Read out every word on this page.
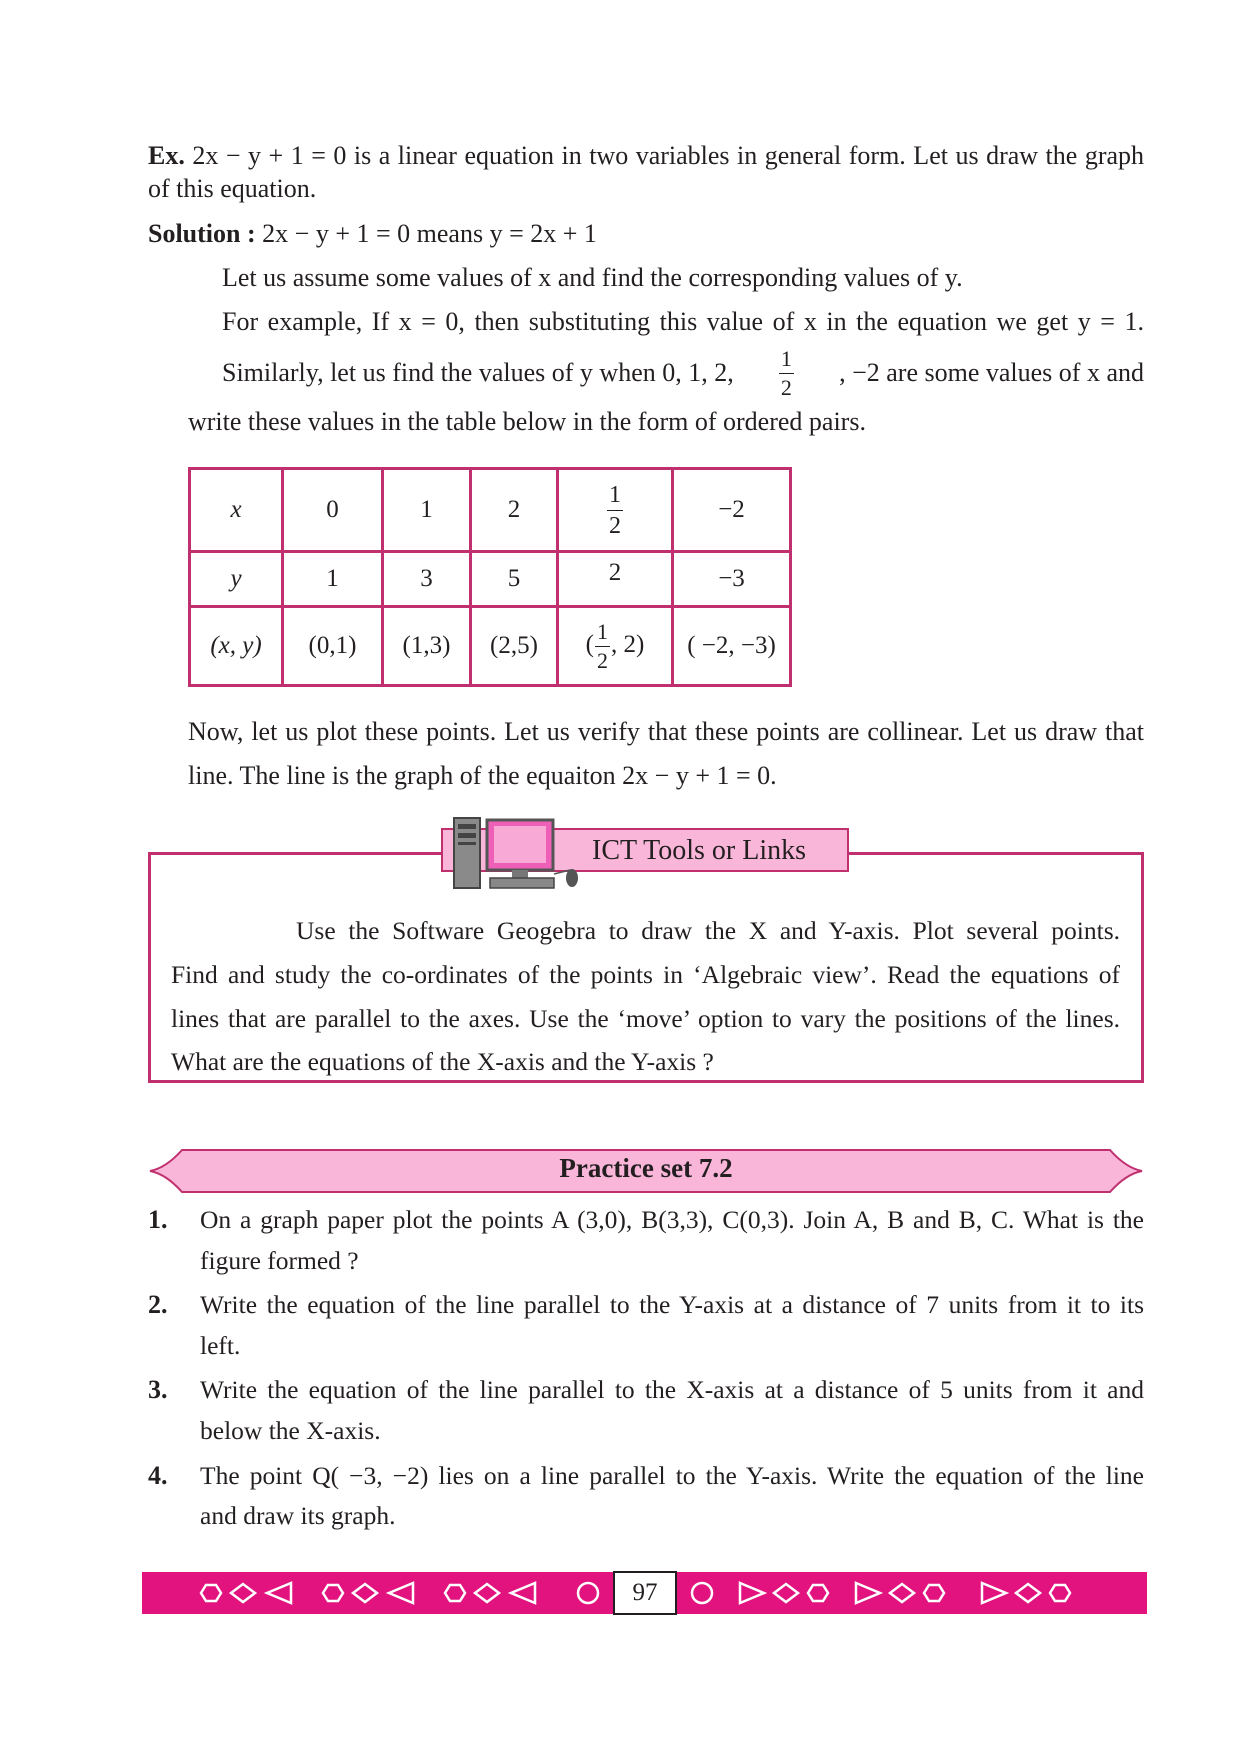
Ex. 2x − y + 1 = 0 is a linear equation in two variables in general form. Let us draw the graph
of this equation.
Solution : 2x − y + 1 = 0 means y = 2x + 1
Let us assume some values of x and find the corresponding values of y.
For example, If x = 0, then substituting this value of x in the equation we get y = 1.
Similarly, let us find the values of y when 0, 1, 2, $\frac{1}{2}$ , −2 are some values of x and
write these values in the table below in the form of ordered pairs.
x	0	1	2	$\frac{1}{2}$	−2
y	1	3	5	2	−3
(x, y)	(0,1)	(1,3)	(2,5)	( $\frac{1}{2}$ , 2)	( −2, −3)
Now, let us plot these points. Let us verify that these points are collinear. Let us draw that
line. The line is the graph of the equaiton 2x − y + 1 = 0.
ICT Tools or Links
Use the Software Geogebra to draw the X and Y-axis. Plot several points.
Find and study the co-ordinates of the points in ‘Algebraic view’. Read the equations of
lines that are parallel to the axes. Use the ‘move’ option to vary the positions of the lines.
What are the equations of the X-axis and the Y-axis ?
Practice set 7.2
1. On a graph paper plot the points A (3,0), B(3,3), C(0,3). Join A, B and B, C. What is the
figure formed ?
2. Write the equation of the line parallel to the Y-axis at a distance of 7 units from it to its
left.
3. Write the equation of the line parallel to the X-axis at a distance of 5 units from it and
below the X-axis.
4. The point Q( −3, −2) lies on a line parallel to the Y-axis. Write the equation of the line
and draw its graph.
97
